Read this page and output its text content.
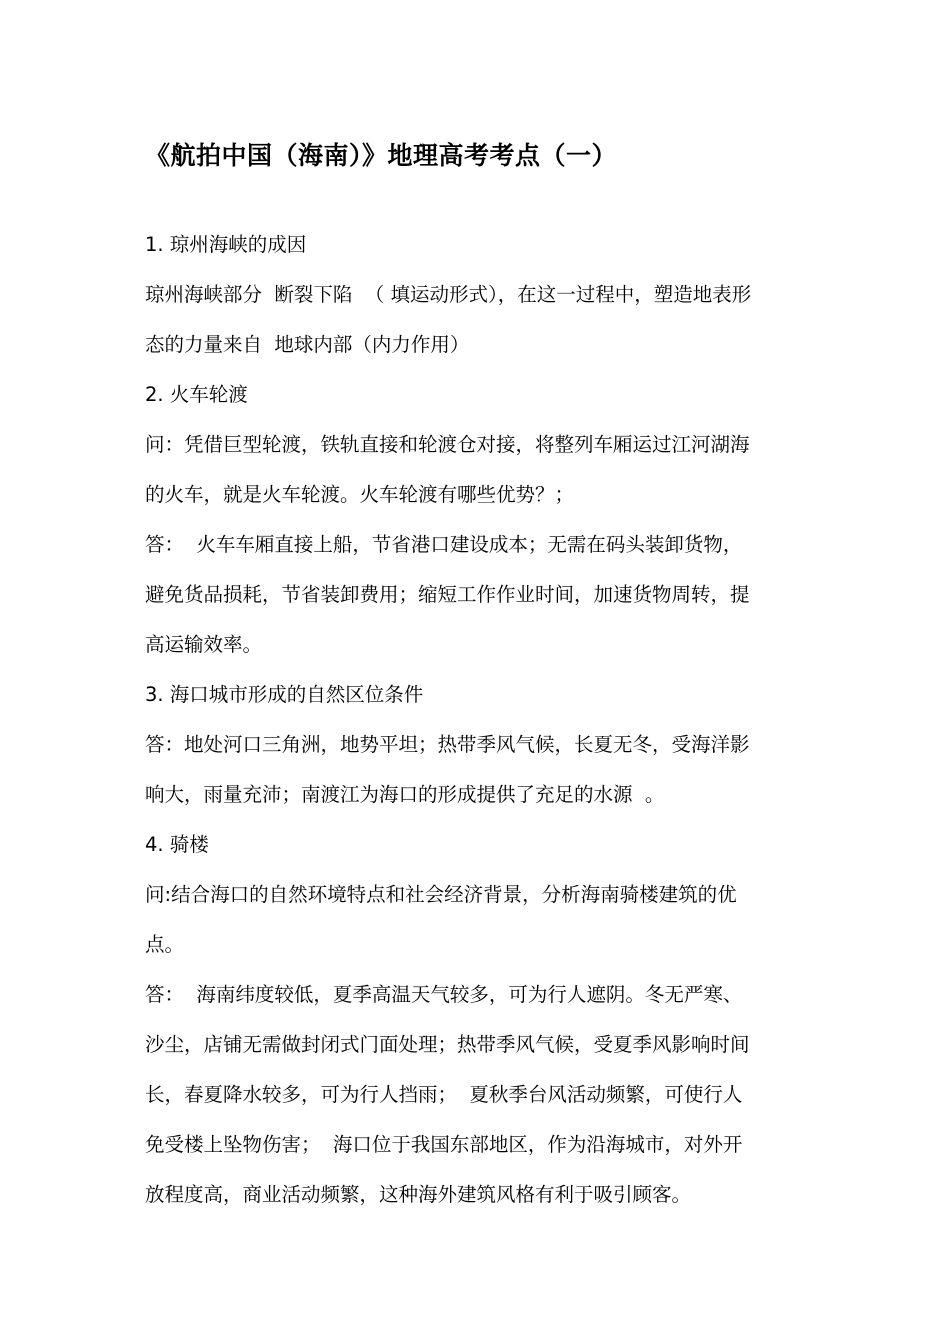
《航拍中国（海南）》地理高考考点（一）
1. 琼州海峡的成因
琼州海峡部分  断裂下陷  （ 填运动形式），在这一过程中，塑造地表形
态的力量来自  地球内部（内力作用）
2. 火车轮渡
问：凭借巨型轮渡，铁轨直接和轮渡仓对接，将整列车厢运过江河湖海
的火车，就是火车轮渡。火车轮渡有哪些优势？；
答：  火车车厢直接上船，节省港口建设成本；无需在码头装卸货物，
避免货品损耗，节省装卸费用；缩短工作作业时间，加速货物周转，提
高运输效率。
3. 海口城市形成的自然区位条件
答：地处河口三角洲，地势平坦；热带季风气候，长夏无冬，受海洋影
响大，雨量充沛；南渡江为海口的形成提供了充足的水源  。
4. 骑楼
问:结合海口的自然环境特点和社会经济背景，分析海南骑楼建筑的优
点。
答：  海南纬度较低，夏季高温天气较多，可为行人遮阴。冬无严寒、
沙尘，店铺无需做封闭式门面处理；热带季风气候，受夏季风影响时间
长，春夏降水较多，可为行人挡雨；  夏秋季台风活动频繁，可使行人
免受楼上坠物伤害；  海口位于我国东部地区，作为沿海城市，对外开
放程度高，商业活动频繁，这种海外建筑风格有利于吸引顾客。
